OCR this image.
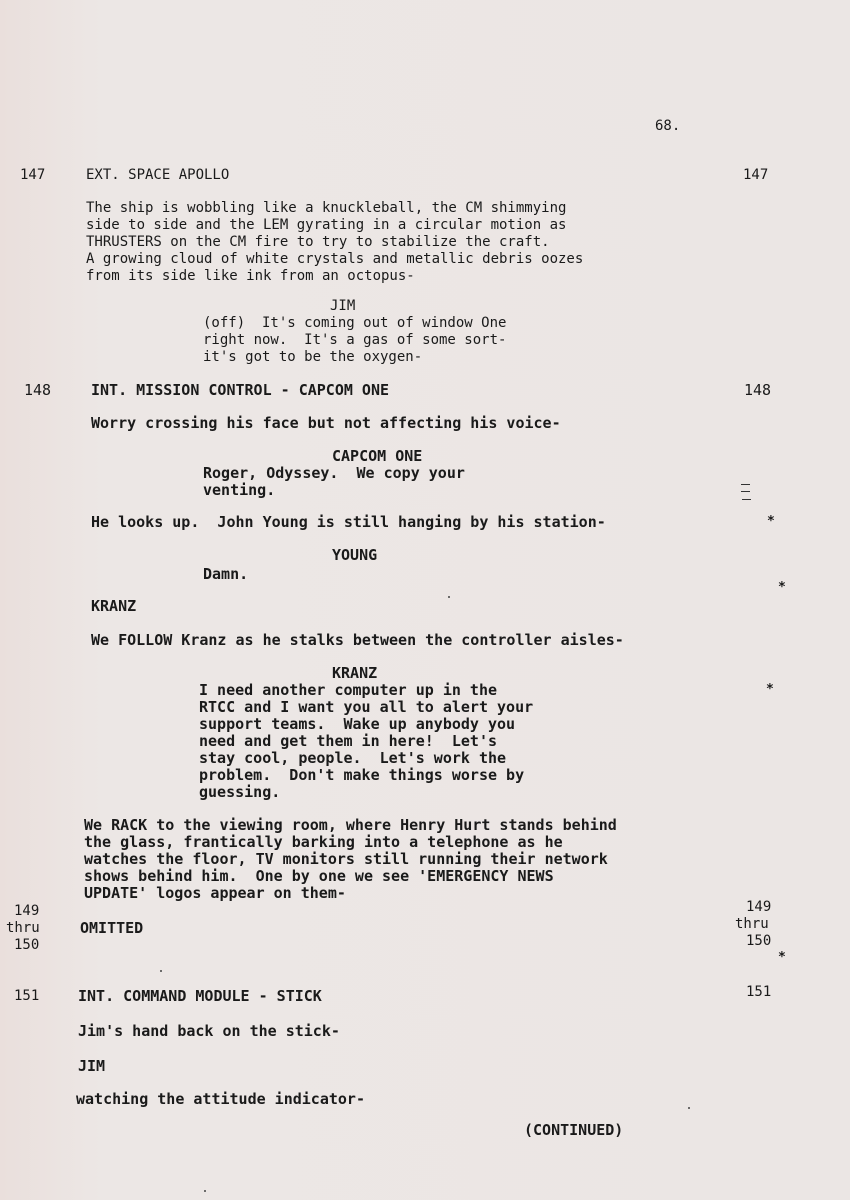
68.
147	EXT. SPACE APOLLO	147
The ship is wobbling like a knuckleball, the CM shimmying
side to side and the LEM gyrating in a circular motion as
THRUSTERS on the CM fire to try to stabilize the craft.
A growing cloud of white crystals and metallic debris oozes
from its side like ink from an octopus-
JIM
(off)  It's coming out of window One
right now.  It's a gas of some sort-
it's got to be the oxygen-
148	INT. MISSION CONTROL - CAPCOM ONE	148
Worry crossing his face but not affecting his voice-
CAPCOM ONE
Roger, Odyssey.  We copy your
venting.
He looks up.  John Young is still hanging by his station-	*
YOUNG
Damn.
*
KRANZ
We FOLLOW Kranz as he stalks between the controller aisles-
KRANZ
I need another computer up in the
RTCC and I want you all to alert your
support teams.  Wake up anybody you
need and get them in here!  Let's
stay cool, people.  Let's work the
problem.  Don't make things worse by
guessing.
*
We RACK to the viewing room, where Henry Hurt stands behind
the glass, frantically barking into a telephone as he
watches the floor, TV monitors still running their network
shows behind him.  One by one we see 'EMERGENCY NEWS
UPDATE' logos appear on them-
149
thru
150
OMITTED
149
thru
150
*
151	INT. COMMAND MODULE - STICK	151
Jim's hand back on the stick-
JIM
watching the attitude indicator-
(CONTINUED)
